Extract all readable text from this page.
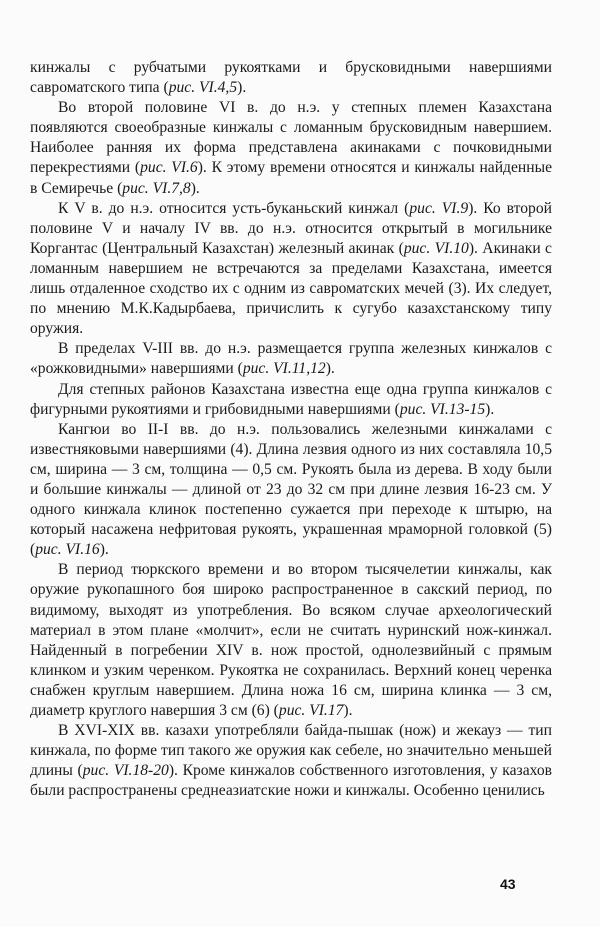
кинжалы с рубчатыми рукоятками и брусковидными навершиями савроматского типа (рис. VI.4,5).

Во второй половине VI в. до н.э. у степных племен Казахстана появляются своеобразные кинжалы с ломанным брусковидным навершием. Наиболее ранняя их форма представлена акинаками с почковидными перекрестиями (рис. VI.6). К этому времени относятся и кинжалы найденные в Семиречье (рис. VI.7,8).

К V в. до н.э. относится усть-буканьский кинжал (рис. VI.9). Ко второй половине V и началу IV вв. до н.э. относится открытый в могильнике Коргантас (Центральный Казахстан) железный акинак (рис. VI.10). Акинаки с ломанным навершием не встречаются за пределами Казахстана, имеется лишь отдаленное сходство их с одним из савроматских мечей (3). Их следует, по мнению М.К.Кадырбаева, причислить к сугубо казахстанскому типу оружия.

В пределах V-III вв. до н.э. размещается группа железных кинжалов с «рожковидными» навершиями (рис. VI.11,12).

Для степных районов Казахстана известна еще одна группа кинжалов с фигурными рукоятиями и грибовидными навершиями (рис. VI.13-15).

Кангюи во II-I вв. до н.э. пользовались железными кинжалами с известняковыми навершиями (4). Длина лезвия одного из них составляла 10,5 см, ширина — 3 см, толщина — 0,5 см. Рукоять была из дерева. В ходу были и большие кинжалы — длиной от 23 до 32 см при длине лезвия 16-23 см. У одного кинжала клинок постепенно сужается при переходе к штырю, на который насажена нефритовая рукоять, украшенная мраморной головкой (5) (рис. VI.16).

В период тюркского времени и во втором тысячелетии кинжалы, как оружие рукопашного боя широко распространенное в сакский период, по видимому, выходят из употребления. Во всяком случае археологический материал в этом плане «молчит», если не считать нуринский нож-кинжал. Найденный в погребении XIV в. нож простой, однолезвийный с прямым клинком и узким черенком. Рукоятка не сохранилась. Верхний конец черенка снабжен круглым навершием. Длина ножа 16 см, ширина клинка — 3 см, диаметр круглого навершия 3 см (6) (рис. VI.17).

В XVI-XIX вв. казахи употребляли байда-пышак (нож) и жекауз — тип кинжала, по форме тип такого же оружия как себеле, но значительно меньшей длины (рис. VI.18-20). Кроме кинжалов собственного изготовления, у казахов были распространены среднеазиатские ножи и кинжалы. Особенно ценились

43
